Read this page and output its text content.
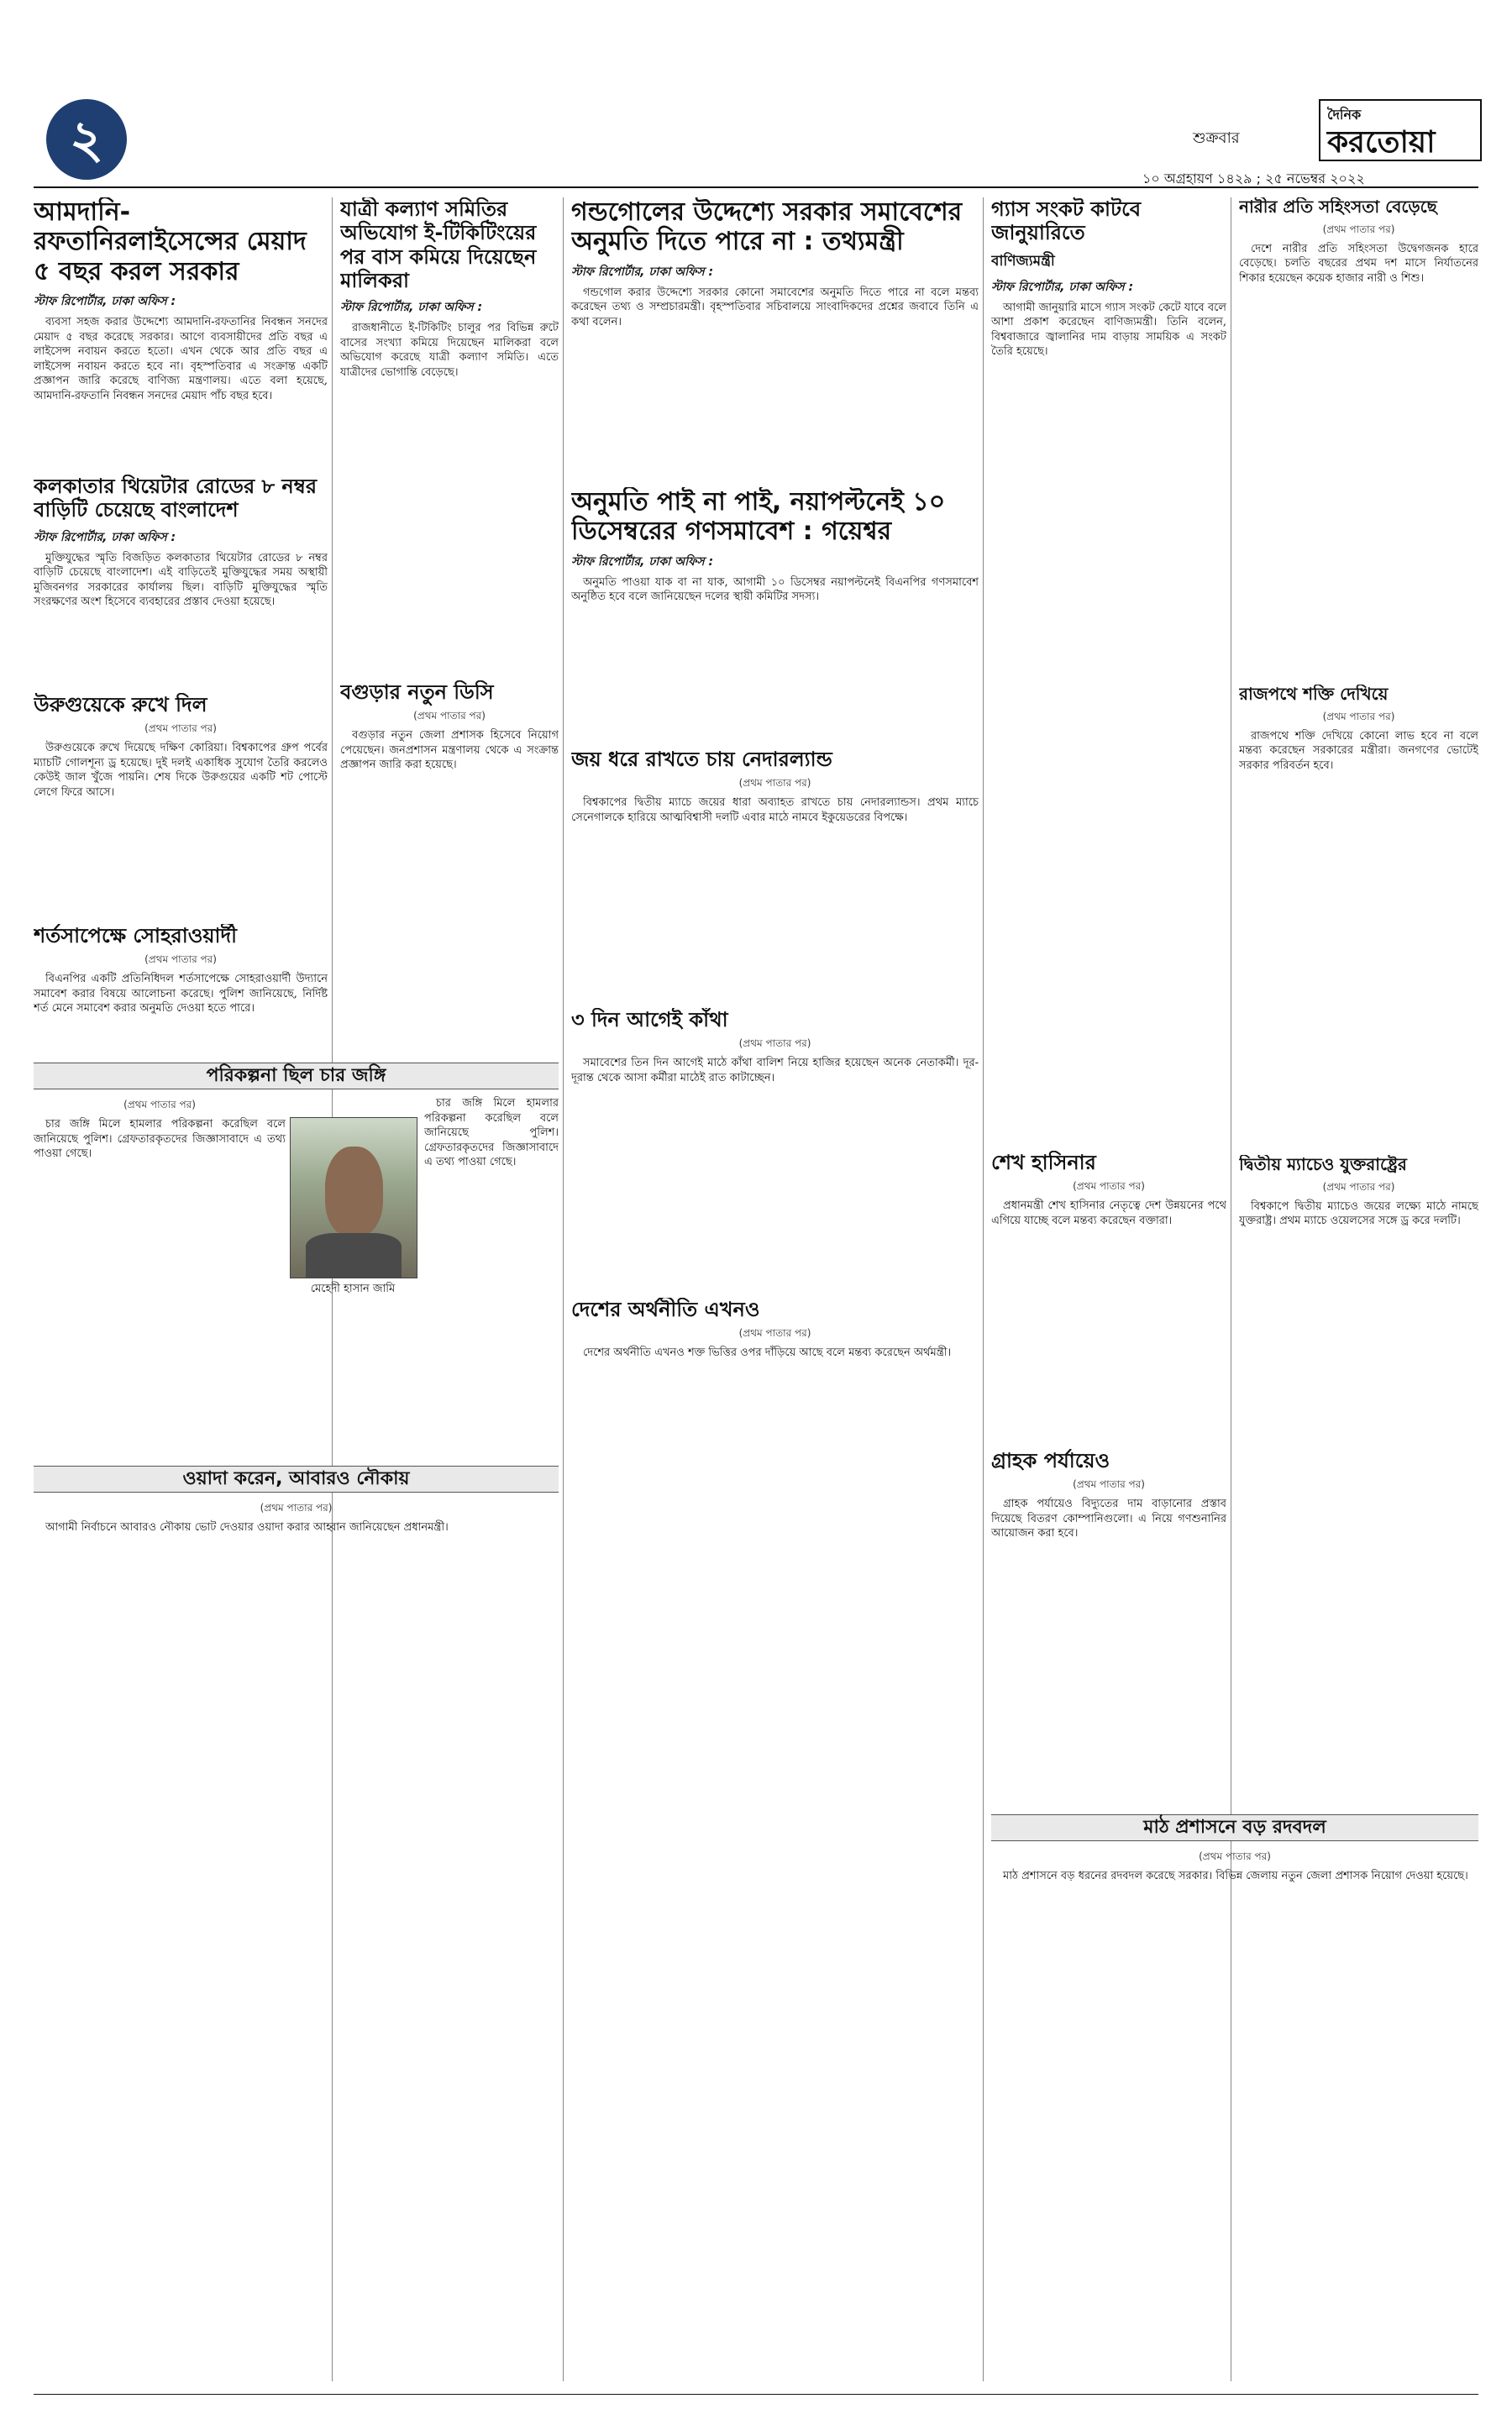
২	শুক্রবার
দৈনিক
করতোয়া
১০ অগ্রহায়ণ ১৪২৯ ; ২৫ নভেম্বর ২০২২
আমদানি-রফতানিরলাইসেন্সের মেয়াদ ৫ বছর করল সরকার
স্টাফ রিপোর্টার, ঢাকা অফিস :

ব্যবসা সহজ করার উদ্দেশ্যে আমদানি-রফতানির নিবন্ধন সনদের মেয়াদ ৫ বছর করেছে সরকার। আগে ব্যবসায়ীদের প্রতি বছর এ লাইসেন্স নবায়ন করতে হতো। এখন থেকে আর প্রতি বছর এ লাইসেন্স নবায়ন করতে হবে না। বৃহস্পতিবার এ সংক্রান্ত একটি প্রজ্ঞাপন জারি করেছে বাণিজ্য মন্ত্রণালয়। এতে বলা হয়েছে, আমদানি-রফতানি নিবন্ধন সনদের মেয়াদ পাঁচ বছর হবে।

কলকাতার থিয়েটার রোডের ৮ নম্বর বাড়িটি চেয়েছে বাংলাদেশ
স্টাফ রিপোর্টার, ঢাকা অফিস :

মুক্তিযুদ্ধের স্মৃতি বিজড়িত কলকাতার থিয়েটার রোডের ৮ নম্বর বাড়িটি চেয়েছে বাংলাদেশ। এই বাড়িতেই মুক্তিযুদ্ধের সময় অস্থায়ী মুজিবনগর সরকারের কার্যালয় ছিল। বাড়িটি মুক্তিযুদ্ধের স্মৃতি সংরক্ষণের অংশ হিসেবে ব্যবহারের প্রস্তাব দেওয়া হয়েছে।

উরুগুয়েকে রুখে দিল
(প্রথম পাতার পর)

উরুগুয়েকে রুখে দিয়েছে দক্ষিণ কোরিয়া। বিশ্বকাপের গ্রুপ পর্বের ম্যাচটি গোলশূন্য ড্র হয়েছে। দুই দলই একাধিক সুযোগ তৈরি করলেও কেউই জাল খুঁজে পায়নি। শেষ দিকে উরুগুয়ের একটি শট পোস্টে লেগে ফিরে আসে।

শর্তসাপেক্ষে সোহরাওয়ার্দী
(প্রথম পাতার পর)

বিএনপির একটি প্রতিনিধিদল শর্তসাপেক্ষে সোহরাওয়ার্দী উদ্যানে সমাবেশ করার বিষয়ে আলোচনা করেছে। পুলিশ জানিয়েছে, নির্দিষ্ট শর্ত মেনে সমাবেশ করার অনুমতি দেওয়া হতে পারে।

যাত্রী কল্যাণ সমিতির অভিযোগ ই-টিকিটিংয়ের পর বাস কমিয়ে দিয়েছেন মালিকরা
স্টাফ রিপোর্টার, ঢাকা অফিস :

রাজধানীতে ই-টিকিটিং চালুর পর বিভিন্ন রুটে বাসের সংখ্যা কমিয়ে দিয়েছেন মালিকরা বলে অভিযোগ করেছে যাত্রী কল্যাণ সমিতি। এতে যাত্রীদের ভোগান্তি বেড়েছে।

বগুড়ার নতুন ডিসি
(প্রথম পাতার পর)

বগুড়ার নতুন জেলা প্রশাসক হিসেবে নিয়োগ পেয়েছেন। জনপ্রশাসন মন্ত্রণালয় থেকে এ সংক্রান্ত প্রজ্ঞাপন জারি করা হয়েছে।

গন্ডগোলের উদ্দেশ্যে সরকার সমাবেশের অনুমতি দিতে পারে না : তথ্যমন্ত্রী
স্টাফ রিপোর্টার, ঢাকা অফিস :

গন্ডগোল করার উদ্দেশ্যে সরকার কোনো সমাবেশের অনুমতি দিতে পারে না বলে মন্তব্য করেছেন তথ্য ও সম্প্রচারমন্ত্রী। বৃহস্পতিবার সচিবালয়ে সাংবাদিকদের প্রশ্নের জবাবে তিনি এ কথা বলেন।

অনুমতি পাই না পাই, নয়াপল্টনেই ১০ ডিসেম্বরের গণসমাবেশ : গয়েশ্বর
স্টাফ রিপোর্টার, ঢাকা অফিস :

অনুমতি পাওয়া যাক বা না যাক, আগামী ১০ ডিসেম্বর নয়াপল্টনেই বিএনপির গণসমাবেশ অনুষ্ঠিত হবে বলে জানিয়েছেন দলের স্থায়ী কমিটির সদস্য।

জয় ধরে রাখতে চায় নেদারল্যান্ড
(প্রথম পাতার পর)

বিশ্বকাপের দ্বিতীয় ম্যাচে জয়ের ধারা অব্যাহত রাখতে চায় নেদারল্যান্ডস। প্রথম ম্যাচে সেনেগালকে হারিয়ে আত্মবিশ্বাসী দলটি এবার মাঠে নামবে ইকুয়েডরের বিপক্ষে।

৩ দিন আগেই কাঁথা
(প্রথম পাতার পর)

সমাবেশের তিন দিন আগেই মাঠে কাঁথা বালিশ নিয়ে হাজির হয়েছেন অনেক নেতাকর্মী। দূর-দূরান্ত থেকে আসা কর্মীরা মাঠেই রাত কাটাচ্ছেন।

গ্যাস সংকট কাটবে জানুয়ারিতে
বাণিজ্যমন্ত্রী
স্টাফ রিপোর্টার, ঢাকা অফিস :

আগামী জানুয়ারি মাসে গ্যাস সংকট কেটে যাবে বলে আশা প্রকাশ করেছেন বাণিজ্যমন্ত্রী। তিনি বলেন, বিশ্ববাজারে জ্বালানির দাম বাড়ায় সাময়িক এ সংকট তৈরি হয়েছে।

শেখ হাসিনার
(প্রথম পাতার পর)

প্রধানমন্ত্রী শেখ হাসিনার নেতৃত্বে দেশ উন্নয়নের পথে এগিয়ে যাচ্ছে বলে মন্তব্য করেছেন বক্তারা।

নারীর প্রতি সহিংসতা বেড়েছে
(প্রথম পাতার পর)

দেশে নারীর প্রতি সহিংসতা উদ্বেগজনক হারে বেড়েছে। চলতি বছরের প্রথম দশ মাসে নির্যাতনের শিকার হয়েছেন কয়েক হাজার নারী ও শিশু।

রাজপথে শক্তি দেখিয়ে
(প্রথম পাতার পর)

রাজপথে শক্তি দেখিয়ে কোনো লাভ হবে না বলে মন্তব্য করেছেন সরকারের মন্ত্রীরা। জনগণের ভোটেই সরকার পরিবর্তন হবে।

দ্বিতীয় ম্যাচেও যুক্তরাষ্ট্রের
(প্রথম পাতার পর)

বিশ্বকাপে দ্বিতীয় ম্যাচেও জয়ের লক্ষ্যে মাঠে নামছে যুক্তরাষ্ট্র। প্রথম ম্যাচে ওয়েলসের সঙ্গে ড্র করে দলটি।

পরিকল্পনা ছিল চার জঙ্গি
(প্রথম পাতার পর)

চার জঙ্গি মিলে হামলার পরিকল্পনা করেছিল বলে জানিয়েছে পুলিশ। গ্রেফতারকৃতদের জিজ্ঞাসাবাদে এ তথ্য পাওয়া গেছে।

মেহেদী হাসান জামি

চার জঙ্গি মিলে হামলার পরিকল্পনা করেছিল বলে জানিয়েছে পুলিশ। গ্রেফতারকৃতদের জিজ্ঞাসাবাদে এ তথ্য পাওয়া গেছে।

ওয়াদা করেন, আবারও নৌকায়
(প্রথম পাতার পর)

আগামী নির্বাচনে আবারও নৌকায় ভোট দেওয়ার ওয়াদা করার আহ্বান জানিয়েছেন প্রধানমন্ত্রী।

দেশের অর্থনীতি এখনও
(প্রথম পাতার পর)

দেশের অর্থনীতি এখনও শক্ত ভিত্তির ওপর দাঁড়িয়ে আছে বলে মন্তব্য করেছেন অর্থমন্ত্রী।

গ্রাহক পর্যায়েও
(প্রথম পাতার পর)

গ্রাহক পর্যায়েও বিদ্যুতের দাম বাড়ানোর প্রস্তাব দিয়েছে বিতরণ কোম্পানিগুলো। এ নিয়ে গণশুনানির আয়োজন করা হবে।

মাঠ প্রশাসনে বড় রদবদল
(প্রথম পাতার পর)

মাঠ প্রশাসনে বড় ধরনের রদবদল করেছে সরকার। বিভিন্ন জেলায় নতুন জেলা প্রশাসক নিয়োগ দেওয়া হয়েছে।
